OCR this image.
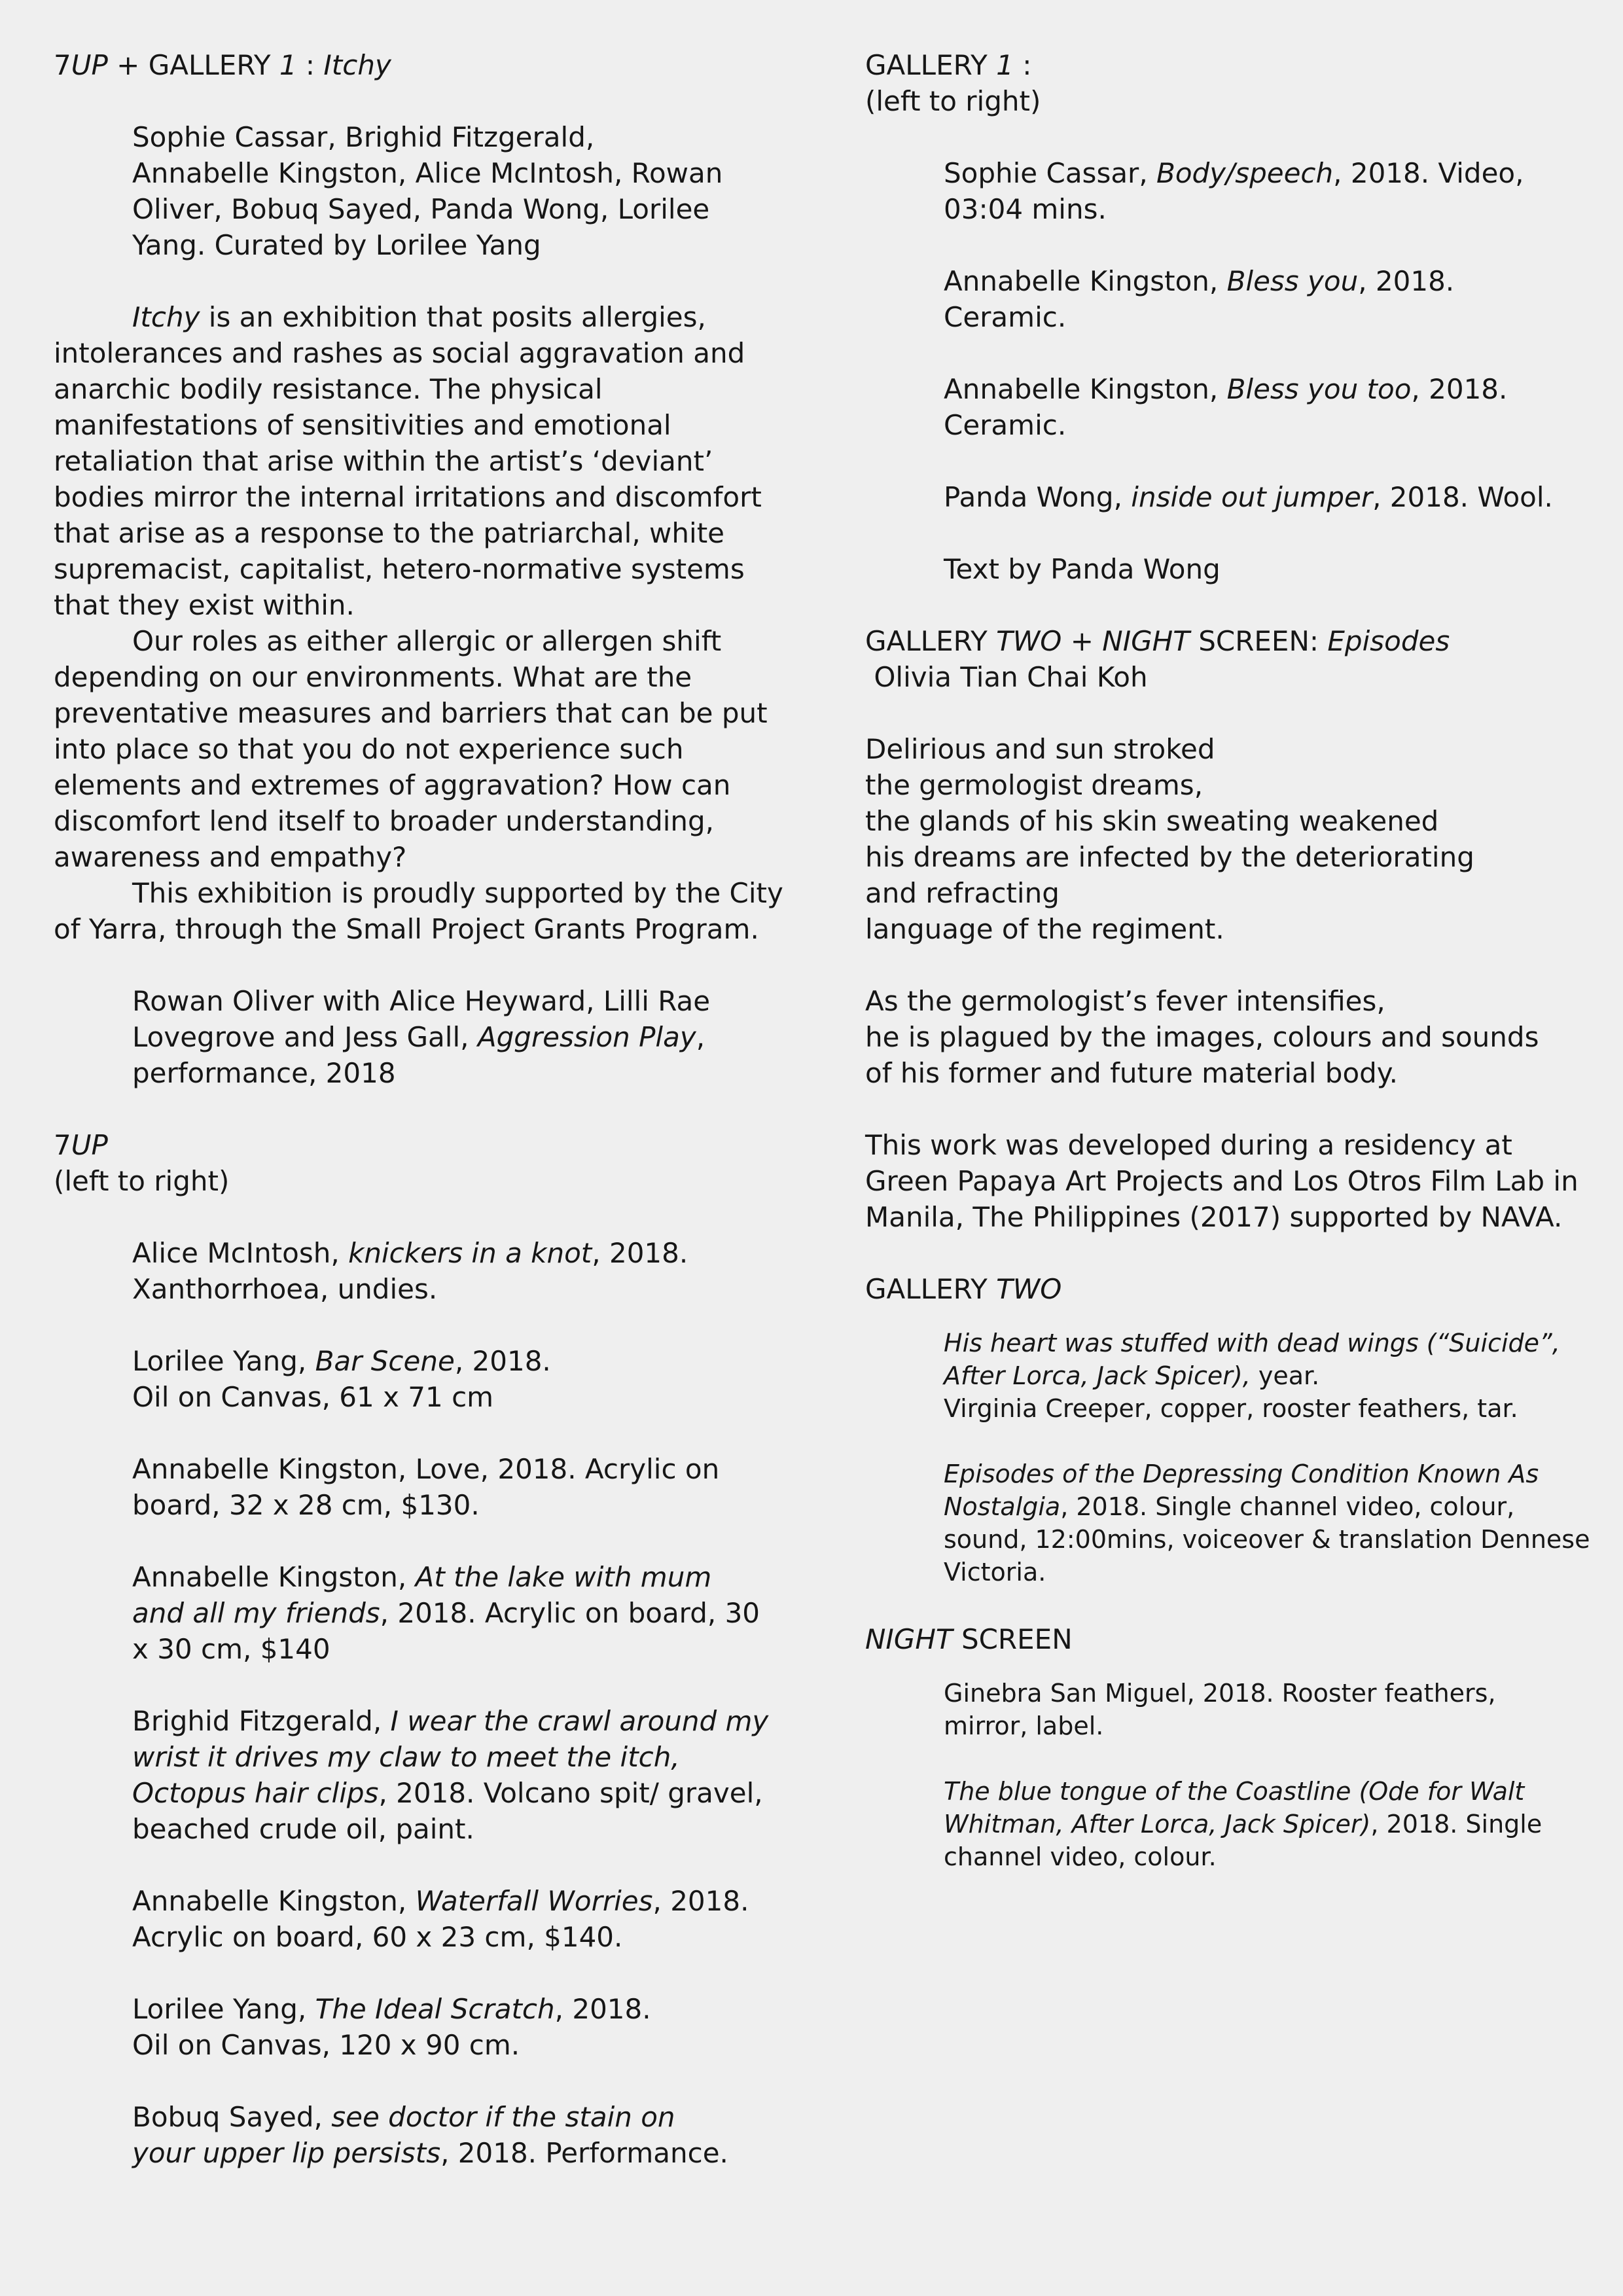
7UP + GALLERY 1 : Itchy
Sophie Cassar, Brighid Fitzgerald, Annabelle Kingston, Alice McIntosh, Rowan Oliver, Bobuq Sayed, Panda Wong, Lorilee Yang. Curated by Lorilee Yang
Itchy is an exhibition that posits allergies, intolerances and rashes as social aggravation and anarchic bodily resistance. The physical manifestations of sensitivities and emotional retaliation that arise within the artist’s ‘deviant’ bodies mirror the internal irritations and discomfort that arise as a response to the patriarchal, white supremacist, capitalist, hetero-normative systems that they exist within.
Our roles as either allergic or allergen shift depending on our environments. What are the preventative measures and barriers that can be put into place so that you do not experience such elements and extremes of aggravation? How can discomfort lend itself to broader understanding, awareness and empathy?
This exhibition is proudly supported by the City of Yarra, through the Small Project Grants Program.
Rowan Oliver with Alice Heyward, Lilli Rae Lovegrove and Jess Gall, Aggression Play, performance, 2018
7UP
(left to right)
Alice McIntosh, knickers in a knot, 2018. Xanthorrhoea, undies.
Lorilee Yang, Bar Scene, 2018. Oil on Canvas, 61 x 71 cm
Annabelle Kingston, Love, 2018. Acrylic on board, 32 x 28 cm, $130.
Annabelle Kingston, At the lake with mum and all my friends, 2018. Acrylic on board, 30 x 30 cm, $140
Brighid Fitzgerald, I wear the crawl around my wrist it drives my claw to meet the itch, Octopus hair clips, 2018. Volcano spit/ gravel, beached crude oil, paint.
Annabelle Kingston, Waterfall Worries, 2018. Acrylic on board, 60 x 23 cm, $140.
Lorilee Yang, The Ideal Scratch, 2018. Oil on Canvas, 120 x 90 cm.
Bobuq Sayed, see doctor if the stain on your upper lip persists, 2018. Performance.
GALLERY 1 :
(left to right)
Sophie Cassar, Body/speech, 2018. Video, 03:04 mins.
Annabelle Kingston, Bless you, 2018. Ceramic.
Annabelle Kingston, Bless you too, 2018. Ceramic.
Panda Wong, inside out jumper, 2018. Wool.
Text by Panda Wong
GALLERY TWO + NIGHT SCREEN: Episodes
Olivia Tian Chai Koh
Delirious and sun stroked
the germologist dreams,
the glands of his skin sweating weakened
his dreams are infected by the deteriorating
and refracting
language of the regiment.
As the germologist’s fever intensifies,
he is plagued by the images, colours and sounds
of his former and future material body.
This work was developed during a residency at Green Papaya Art Projects and Los Otros Film Lab in Manila, The Philippines (2017) supported by NAVA.
GALLERY TWO
His heart was stuffed with dead wings (“Suicide”, After Lorca, Jack Spicer), year.
Virginia Creeper, copper, rooster feathers, tar.
Episodes of the Depressing Condition Known As Nostalgia, 2018. Single channel video, colour, sound, 12:00mins, voiceover & translation Dennese Victoria.
NIGHT SCREEN
Ginebra San Miguel, 2018. Rooster feathers, mirror, label.
The blue tongue of the Coastline (Ode for Walt Whitman, After Lorca, Jack Spicer), 2018. Single channel video, colour.
